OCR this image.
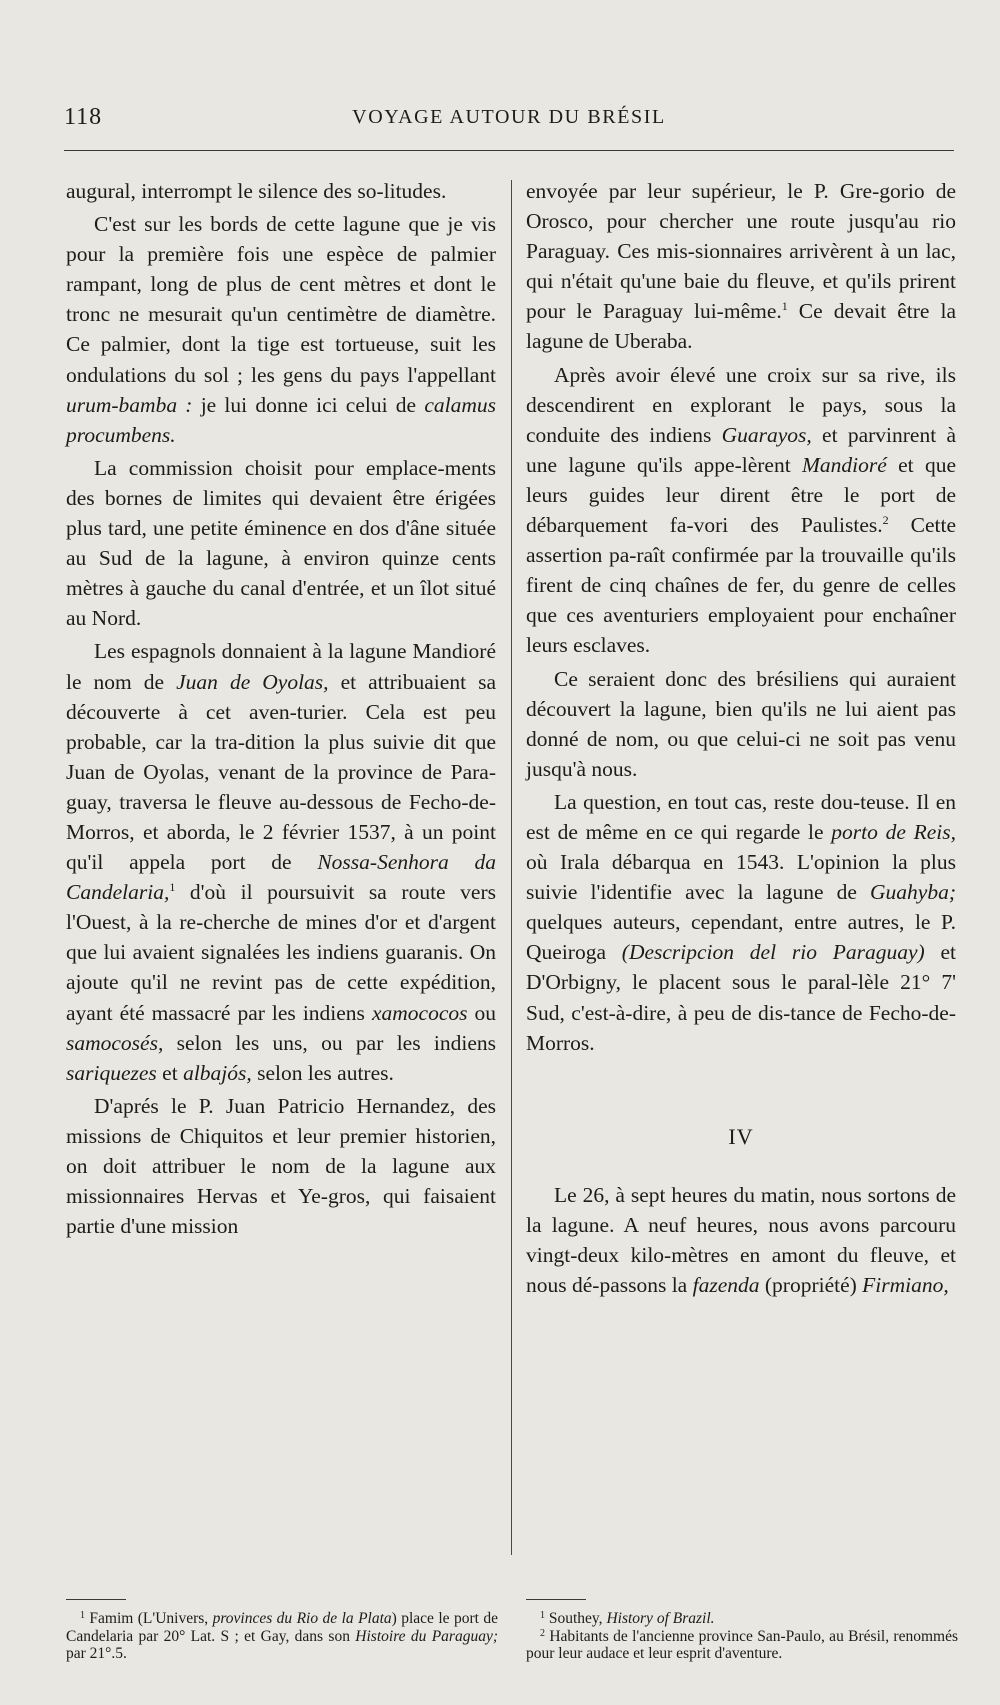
118	VOYAGE AUTOUR DU BRÉSIL

augural, interrompt le silence des so-litudes.

C'est sur les bords de cette lagune que je vis pour la première fois une espèce de palmier rampant, long de plus de cent mètres et dont le tronc ne mesurait qu'un centimètre de diamètre. Ce palmier, dont la tige est tortueuse, suit les ondulations du sol ; les gens du pays l'appellant urum-bamba : je lui donne ici celui de calamus procumbens.

La commission choisit pour emplace-ments des bornes de limites qui devaient être érigées plus tard, une petite éminence en dos d'âne située au Sud de la lagune, à environ quinze cents mètres à gauche du canal d'entrée, et un îlot situé au Nord.

Les espagnols donnaient à la lagune Mandioré le nom de Juan de Oyolas, et attribuaient sa découverte à cet aven-turier. Cela est peu probable, car la tra-dition la plus suivie dit que Juan de Oyolas, venant de la province de Para-guay, traversa le fleuve au-dessous de Fecho-de-Morros, et aborda, le 2 février 1537, à un point qu'il appela port de Nossa-Senhora da Candelaria,$^1$ d'où il poursuivit sa route vers l'Ouest, à la re-cherche de mines d'or et d'argent que lui avaient signalées les indiens guaranis. On ajoute qu'il ne revint pas de cette expédition, ayant été massacré par les indiens xamococos ou samocosés, selon les uns, ou par les indiens sariquezes et albajós, selon les autres.

D'aprés le P. Juan Patricio Hernandez, des missions de Chiquitos et leur premier historien, on doit attribuer le nom de la lagune aux missionnaires Hervas et Ye-gros, qui faisaient partie d'une mission

envoyée par leur supérieur, le P. Gre-gorio de Orosco, pour chercher une route jusqu'au rio Paraguay. Ces mis-sionnaires arrivèrent à un lac, qui n'était qu'une baie du fleuve, et qu'ils prirent pour le Paraguay lui-même.$^1$ Ce devait être la lagune de Uberaba.

Après avoir élevé une croix sur sa rive, ils descendirent en explorant le pays, sous la conduite des indiens Guarayos, et parvinrent à une lagune qu'ils appe-lèrent Mandioré et que leurs guides leur dirent être le port de débarquement fa-vori des Paulistes.$^2$ Cette assertion pa-raît confirmée par la trouvaille qu'ils firent de cinq chaînes de fer, du genre de celles que ces aventuriers employaient pour enchaîner leurs esclaves.

Ce seraient donc des brésiliens qui auraient découvert la lagune, bien qu'ils ne lui aient pas donné de nom, ou que celui-ci ne soit pas venu jusqu'à nous.

La question, en tout cas, reste dou-teuse. Il en est de même en ce qui regarde le porto de Reis, où Irala débarqua en 1543. L'opinion la plus suivie l'identifie avec la lagune de Guahyba; quelques auteurs, cependant, entre autres, le P. Queiroga (Descripcion del rio Paraguay) et D'Orbigny, le placent sous le paral-lèle 21° 7' Sud, c'est-à-dire, à peu de dis-tance de Fecho-de-Morros.

IV

Le 26, à sept heures du matin, nous sortons de la lagune. A neuf heures, nous avons parcouru vingt-deux kilo-mètres en amont du fleuve, et nous dé-passons la fazenda (propriété) Firmiano,

$^1$ Famim (L'Univers, provinces du Rio de la Plata) place le port de Candelaria par 20° Lat. S ; et Gay, dans son Histoire du Paraguay; par 21°.5.

$^1$ Southey, History of Brazil.

$^2$ Habitants de l'ancienne province San-Paulo, au Brésil, renommés pour leur audace et leur esprit d'aventure.
